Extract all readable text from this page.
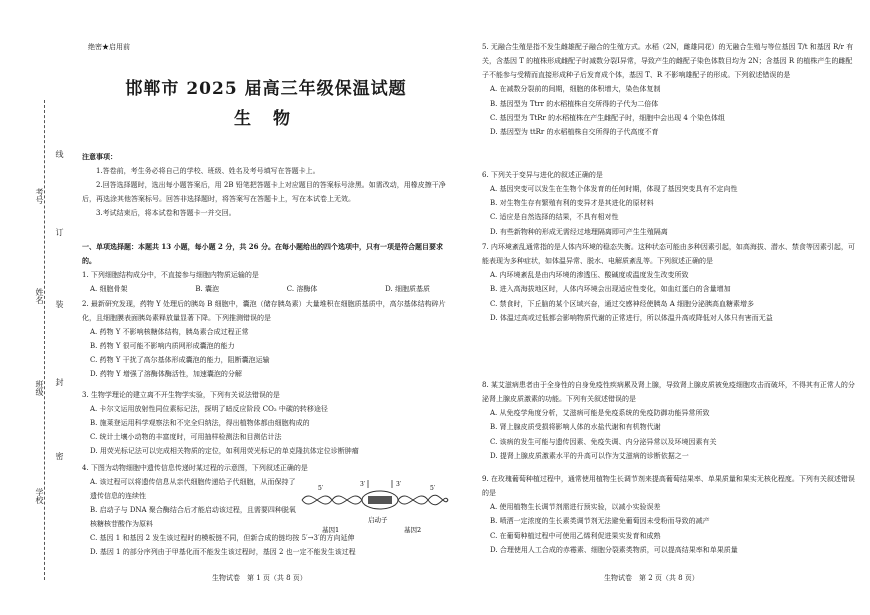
学校
班级
姓名
考号
线
订
装
封
密
绝密★启用前
邯郸市 2025 届高三年级保温试题
生 物

注意事项：

1.答卷前，考生务必将自己的学校、班级、姓名及考号填写在答题卡上。

2.回答选择题时，选出每小题答案后，用 2B 铅笔把答题卡上对应题目的答案标号涂黑。如需改动，用橡皮擦干净后，再选涂其他答案标号。回答非选择题时，将答案写在答题卡上，写在本试卷上无效。

3.考试结束后，将本试卷和答题卡一并交回。

一、单项选择题：本题共 13 小题，每小题 2 分，共 26 分。在每小题给出的四个选项中，只有一项是符合题目要求的。

1. 下列细胞结构成分中，不直接参与细胞内物质运输的是

A. 细胞骨架	B. 囊泡	C. 溶酶体	D. 细胞质基质

2. 最新研究发现，药物 Y 处理后的胰岛 B 细胞中，囊泡（储存胰岛素）大量堆积在细胞质基质中，高尔基体结构碎片化，且细胞膜表面胰岛素释放量显著下降。下列推测错误的是

A. 药物 Y 不影响核糖体结构，胰岛素合成过程正常

B. 药物 Y 很可能不影响内质网形成囊泡的能力

C. 药物 Y 干扰了高尔基体形成囊泡的能力，阻断囊泡运输

D. 药物 Y 增强了溶酶体酶活性，加速囊泡的分解

3. 生物学理论的建立离不开生物学实验，下列有关说法错误的是

A. 卡尔文运用放射性同位素标记法，探明了暗反应阶段 CO₂ 中碳的转移途径

B. 施莱登运用科学观察法和不完全归纳法，得出植物体都由细胞构成的

C. 统计土壤小动物的丰富度时，可用抽样检测法和目测估计法

D. 用荧光标记法可以完成相关物质的定位，如利用荧光标记的单克隆抗体定位诊断肿瘤

4. 下图为动物细胞中遗传信息传递时某过程的示意图，下列叙述正确的是

A. 该过程可以将遗传信息从亲代细胞传递给子代细胞，从而保持了遗传信息的连续性

B. 启动子与 DNA 聚合酶结合后才能启动该过程，且需要四种脱氧核糖核苷酸作为原料

C. 基因 1 和基因 2 发生该过程时的模板链不同，但新合成的链均按 5′→3′的方向延伸

D. 基因 1 的部分序列由于甲基化而不能发生该过程时，基因 2 也一定不能发生该过程

5′
3′	3′
5′
基因1
启动子
基因2

5. 无融合生殖是指不发生雌雄配子融合的生殖方式。水稻（2N，雌雄同花）的无融合生殖与等位基因 T/t 和基因 R/r 有关，含基因 T 的植株形成雌配子时减数分裂Ⅰ异常，导致产生的雌配子染色体数目均为 2N；含基因 R 的植株产生的雌配子不能参与受精而直接形成种子后发育成个体，基因 T、R 不影响雄配子的形成。下列叙述错误的是

A. 在减数分裂前的间期，细胞的体积增大，染色体复制

B. 基因型为 Ttrr 的水稻植株自交所得的子代为二倍体

C. 基因型为 TtRr 的水稻植株在产生雌配子时，细胞中会出现 4 个染色体组

D. 基因型为 ttRr 的水稻植株自交所得的子代高度不育

6. 下列关于变异与进化的叙述正确的是

A. 基因突变可以发生在生物个体发育的任何时期，体现了基因突变具有不定向性

B. 对生物生存有繁殖有利的变异才是其进化的原材料

C. 适应是自然选择的结果，不具有相对性

D. 有些新物种的形成无需经过地理隔离即可产生生殖隔离

7. 内环境紊乱通常指的是人体内环境的稳态失衡。这种状态可能由多种因素引起，如高海拔、潜水、禁食等因素引起，可能表现为多种症状，如体温异常、脱水、电解质紊乱等。下列叙述正确的是

A. 内环境紊乱是由内环境的渗透压、酸碱度或温度发生改变所致

B. 进入高海拔地区时，人体内环境会出现适应性变化，如血红蛋白的含量增加

C. 禁食时，下丘脑的某个区域兴奋，通过交感神经使胰岛 A 细胞分泌胰高血糖素增多

D. 体温过高或过低都会影响物质代谢的正常进行，所以体温升高或降低对人体只有害而无益

8. 某艾滋病患者由于全身性的自身免疫性疾病累及肾上腺，导致肾上腺皮质被免疫细胞攻击而破坏，不得其有正常人的分泌肾上腺皮质激素的功能。下列有关叙述错误的是

A. 从免疫学角度分析，艾滋病可能是免疫系统的免疫防御功能异常所致

B. 肾上腺皮质受损将影响人体的水盐代谢和有机物代谢

C. 该病的发生可能与遗传因素、免疫失调、内分泌异常以及环境因素有关

D. 提肾上腺皮质激素水平的升高可以作为艾滋病的诊断依据之一

9. 在玫瑰葡萄种植过程中，通常使用植物生长调节剂来提高葡萄结果率、单果质量和果实无核化程度。下列有关叙述错误的是

A. 使用植物生长调节剂需进行预实验，以减小实验误差

B. 喷洒一定浓度的生长素类调节剂无法避免葡萄因未受粉而导致的减产

C. 在葡萄种植过程中可使用乙烯利促进果实发育和成熟

D. 合理使用人工合成的赤霉素、细胞分裂素类物质，可以提高结果率和单果质量

生物试卷　第 1 页（共 8 页）	生物试卷　第 2 页（共 8 页）
